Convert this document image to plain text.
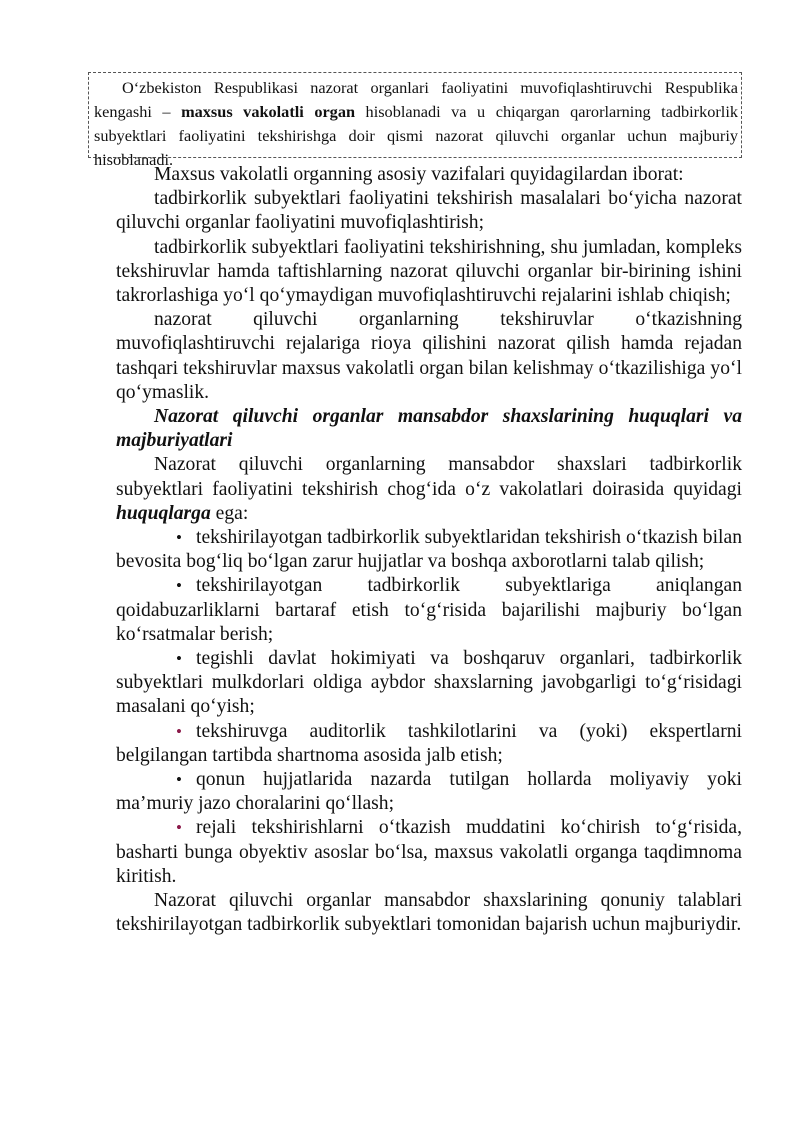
O‘zbekiston Respublikasi nazorat organlari faoliyatini muvofiqlashtiruvchi Respublika kengashi – maxsus vakolatli organ hisoblanadi va u chiqargan qarorlarning tadbirkorlik subyektlari faoliyatini tekshirishga doir qismi nazorat qiluvchi organlar uchun majburiy hisoblanadi.

Maxsus vakolatli organning asosiy vazifalari quyidagilardan iborat:

tadbirkorlik subyektlari faoliyatini tekshirish masalalari bo‘yicha nazorat qiluvchi organlar faoliyatini muvofiqlashtirish;

tadbirkorlik subyektlari faoliyatini tekshirishning, shu jumladan, kompleks tekshiruvlar hamda taftishlarning nazorat qiluvchi organlar bir-birining ishini takrorlashiga yo‘l qo‘ymaydigan muvofiqlashtiruvchi rejalarini ishlab chiqish;

nazorat qiluvchi organlarning tekshiruvlar o‘tkazishning muvofiqlashtiruvchi rejalariga rioya qilishini nazorat qilish hamda rejadan tashqari tekshiruvlar maxsus vakolatli organ bilan kelishmay o‘tkazilishiga yo‘l qo‘ymaslik.

Nazorat qiluvchi organlar mansabdor shaxslarining huquqlari va majburiyatlari

Nazorat qiluvchi organlarning mansabdor shaxslari tadbirkorlik subyektlari faoliyatini tekshirish chog‘ida o‘z vakolatlari doirasida quyidagi huquqlarga ega:

• tekshirilayotgan tadbirkorlik subyektlaridan tekshirish o‘tkazish bilan bevosita bog‘liq bo‘lgan zarur hujjatlar va boshqa axborotlarni talab qilish;

• tekshirilayotgan tadbirkorlik subyektlariga aniqlangan qoidabuzarliklarni bartaraf etish to‘g‘risida bajarilishi majburiy bo‘lgan ko‘rsatmalar berish;

• tegishli davlat hokimiyati va boshqaruv organlari, tadbirkorlik subyektlari mulkdorlari oldiga aybdor shaxslarning javobgarligi to‘g‘risidagi masalani qo‘yish;

• tekshiruvga auditorlik tashkilotlarini va (yoki) ekspertlarni belgilangan tartibda shartnoma asosida jalb etish;

• qonun hujjatlarida nazarda tutilgan hollarda moliyaviy yoki ma’muriy jazo choralarini qo‘llash;

• rejali tekshirishlarni o‘tkazish muddatini ko‘chirish to‘g‘risida, basharti bunga obyektiv asoslar bo‘lsa, maxsus vakolatli organga taqdimnoma kiritish.

Nazorat qiluvchi organlar mansabdor shaxslarining qonuniy talablari tekshirilayotgan tadbirkorlik subyektlari tomonidan bajarish uchun majburiydir.
